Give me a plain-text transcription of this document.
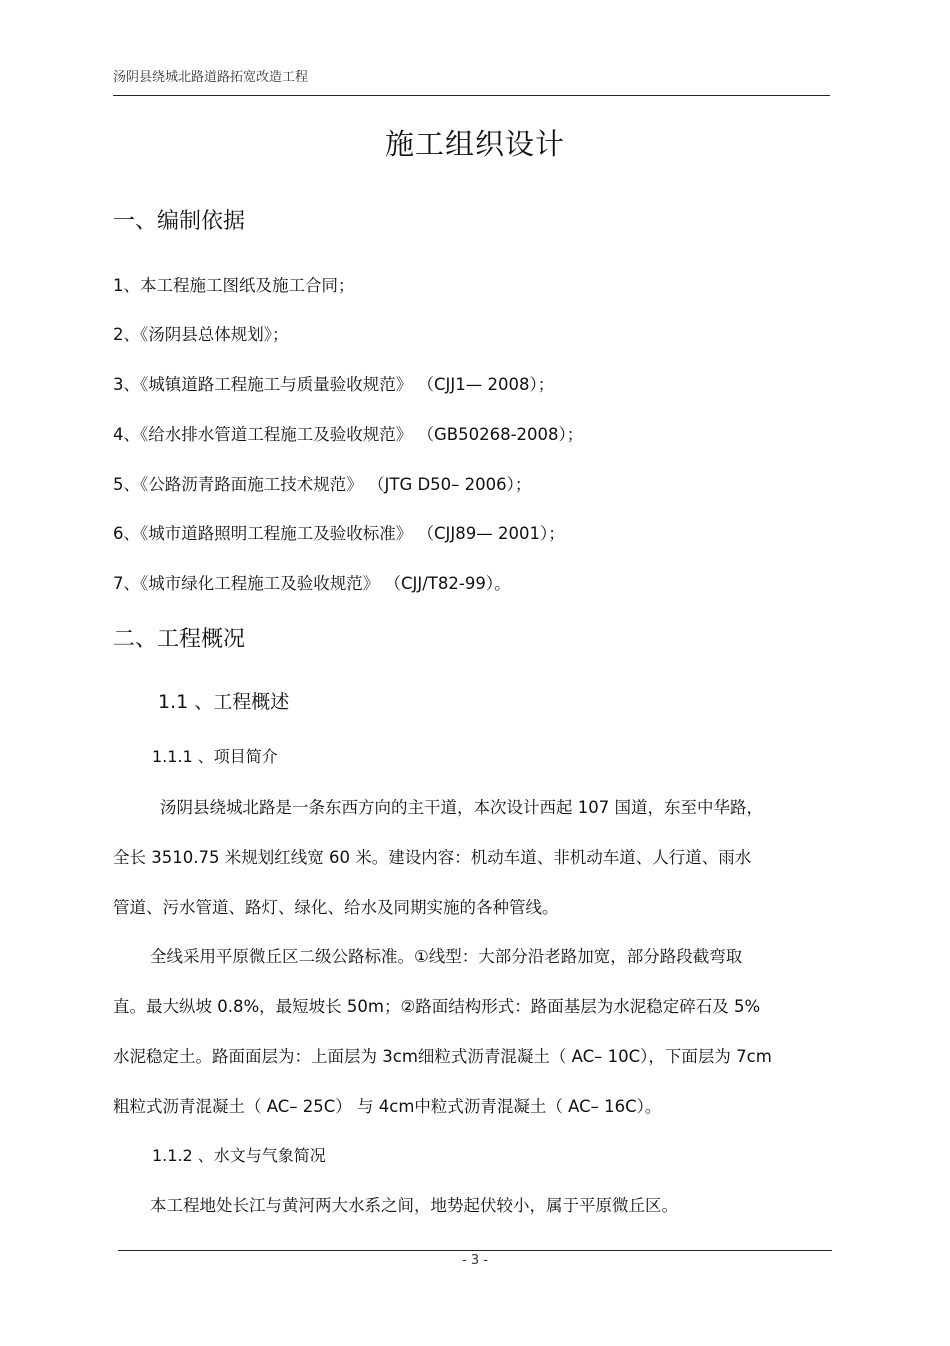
汤阴县绕城北路道路拓宽改造工程
施工组织设计
一、编制依据
1、本工程施工图纸及施工合同；
2、《汤阴县总体规划》；
3、《城镇道路工程施工与质量验收规范》 （CJJ1— 2008）；
4、《给水排水管道工程施工及验收规范》 （GB50268-2008）；
5、《公路沥青路面施工技术规范》 （JTG D50– 2006）；
6、《城市道路照明工程施工及验收标准》 （CJJ89— 2001）；
7、《城市绿化工程施工及验收规范》 （CJJ/T82-99）。
二、工程概况
1.1 、工程概述
1.1.1 、项目简介
汤阴县绕城北路是一条东西方向的主干道，本次设计西起 107 国道，东至中华路，
全长 3510.75 米规划红线宽 60 米。建设内容：机动车道、非机动车道、人行道、雨水
管道、污水管道、路灯、绿化、给水及同期实施的各种管线。
全线采用平原微丘区二级公路标准。①线型：大部分沿老路加宽，部分路段截弯取
直。最大纵坡 0.8%，最短坡长 50m；②路面结构形式：路面基层为水泥稳定碎石及 5%
水泥稳定土。路面面层为：上面层为 3cm细粒式沥青混凝土（ AC– 10C），下面层为 7cm
粗粒式沥青混凝土（ AC– 25C） 与 4cm中粒式沥青混凝土（ AC– 16C）。
1.1.2 、水文与气象简况
本工程地处长江与黄河两大水系之间，地势起伏较小，属于平原微丘区。
- 3 -
